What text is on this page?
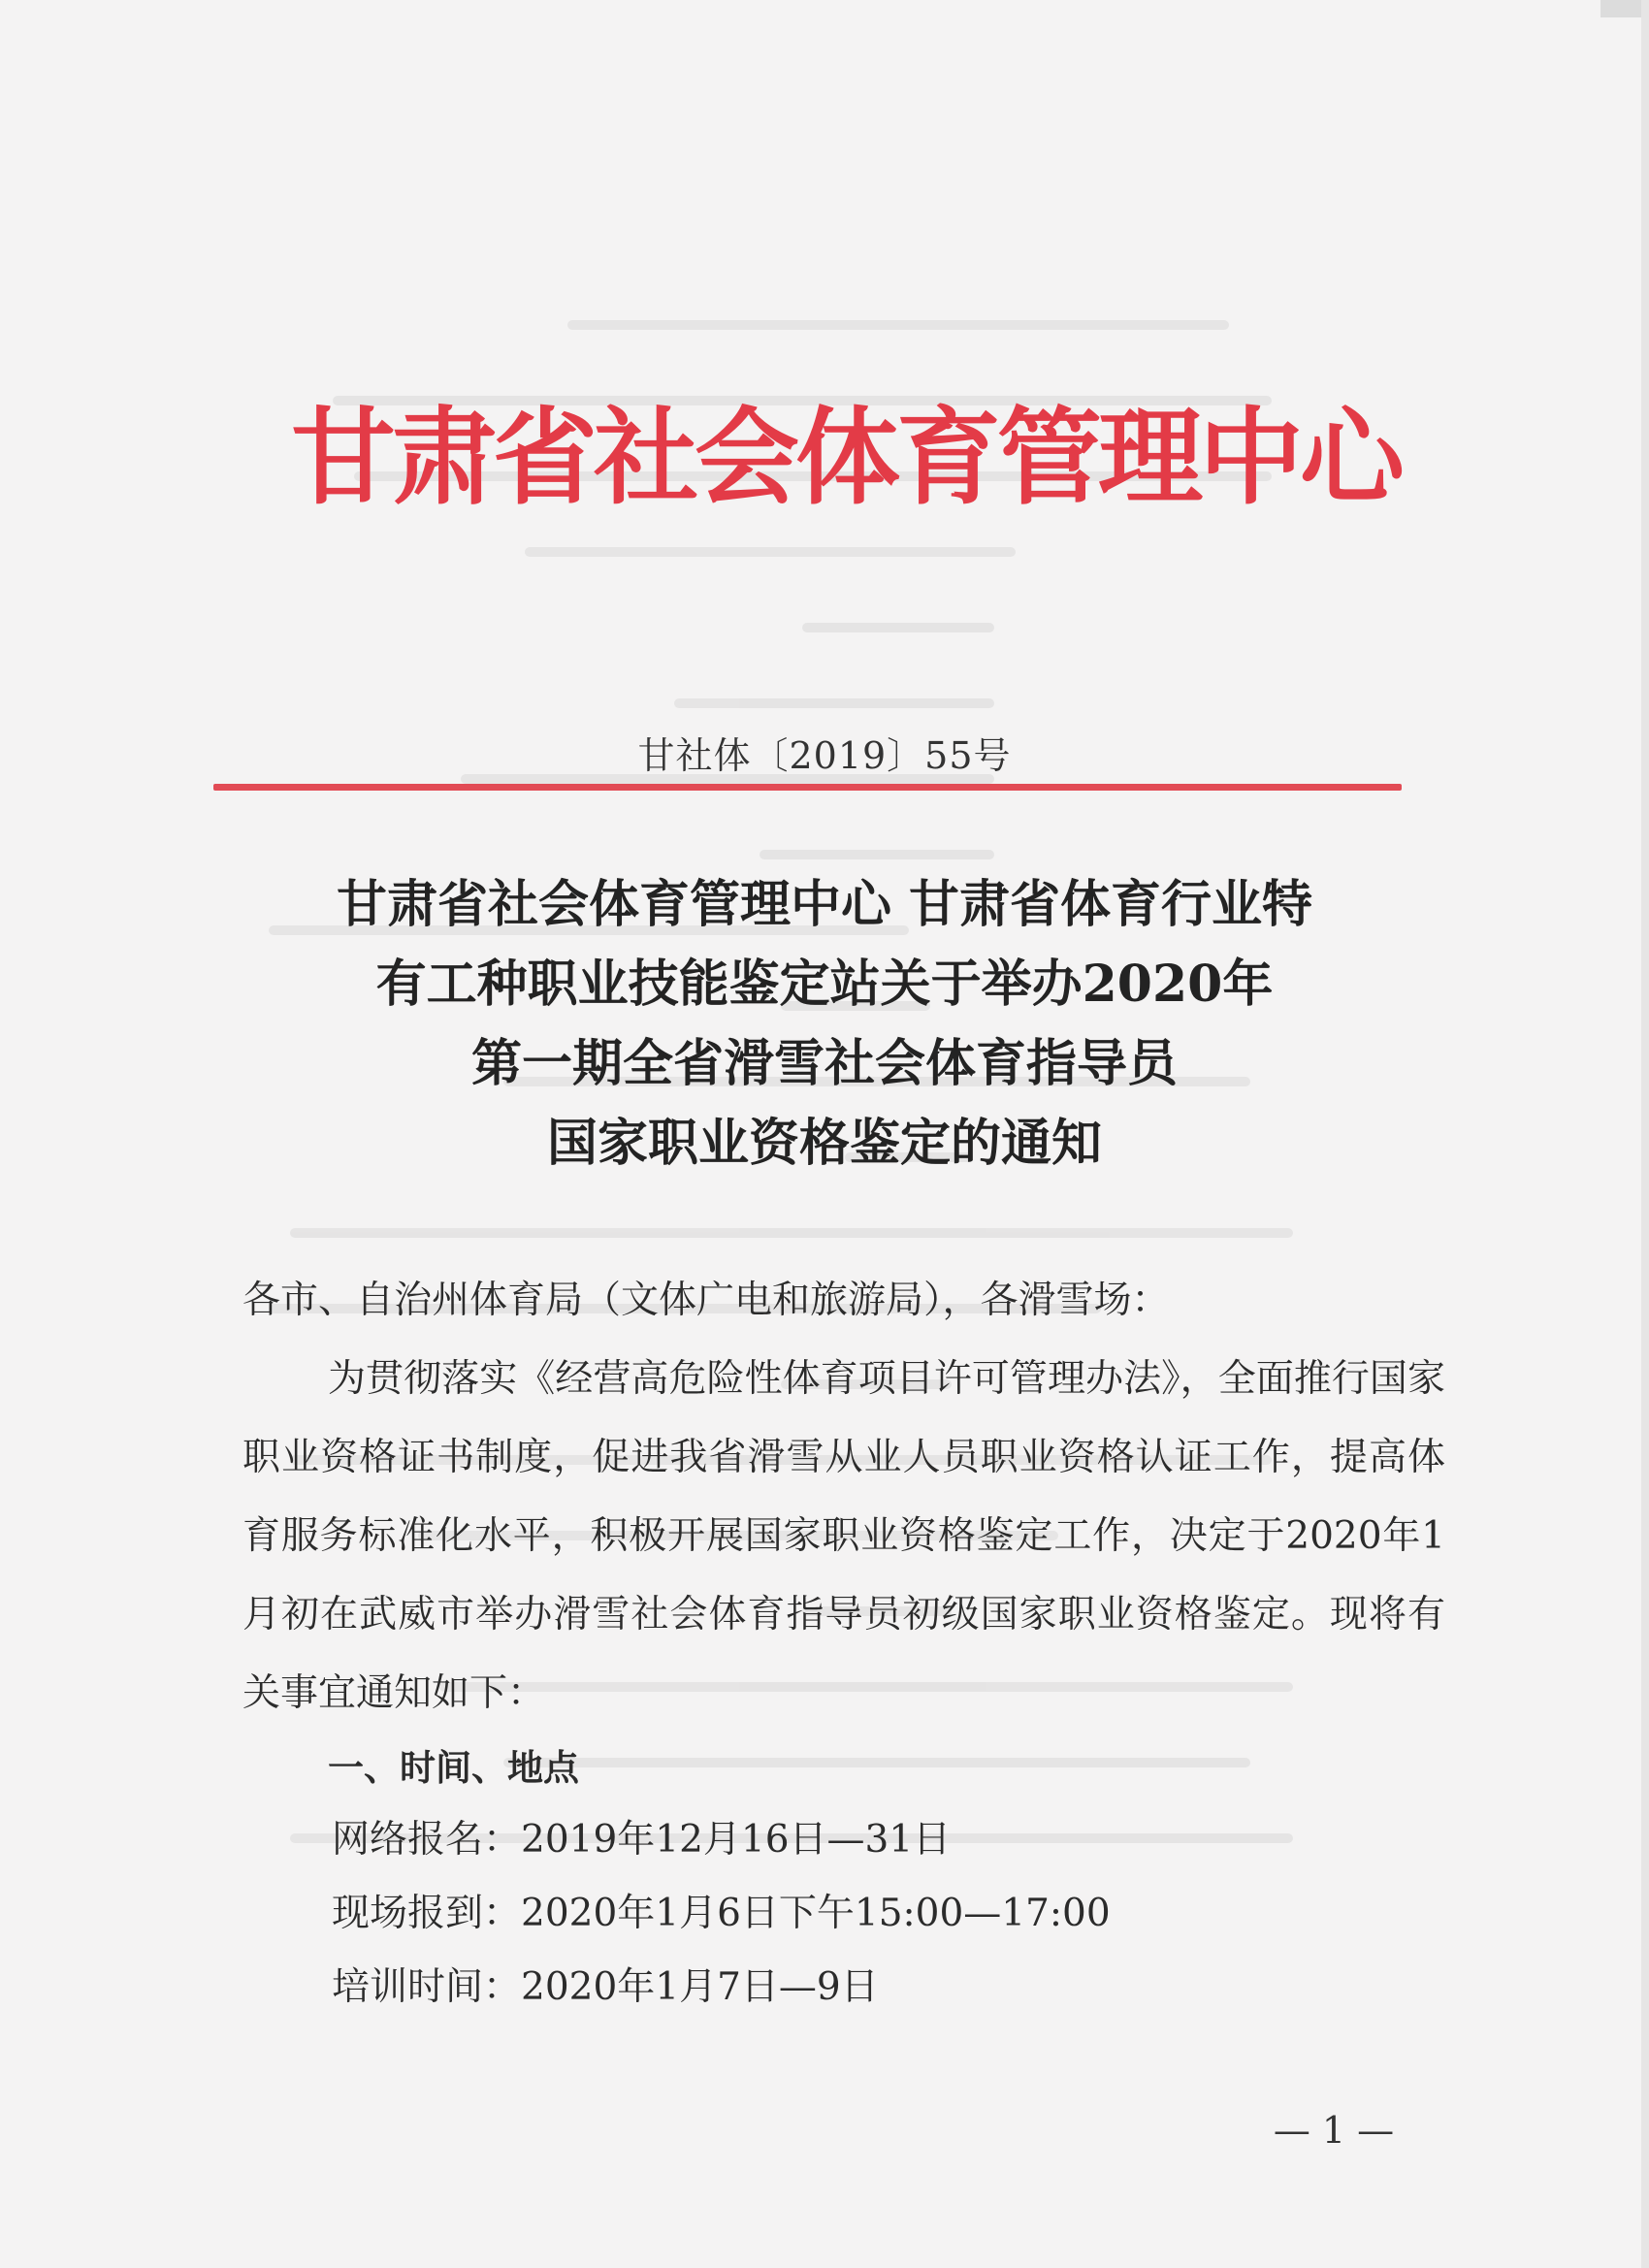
甘肃省社会体育管理中心
甘社体〔2019〕55号
甘肃省社会体育管理中心 甘肃省体育行业特
有工种职业技能鉴定站关于举办2020年
第一期全省滑雪社会体育指导员
国家职业资格鉴定的通知
各市、自治州体育局（文体广电和旅游局），各滑雪场：
为贯彻落实《经营高危险性体育项目许可管理办法》，全面推行国家职业资格证书制度，促进我省滑雪从业人员职业资格认证工作，提高体育服务标准化水平，积极开展国家职业资格鉴定工作，决定于2020年1月初在武威市举办滑雪社会体育指导员初级国家职业资格鉴定。现将有关事宜通知如下：
一、时间、地点
网络报名：2019年12月16日—31日
现场报到：2020年1月6日下午15:00—17:00
培训时间：2020年1月7日—9日
— 1 —
